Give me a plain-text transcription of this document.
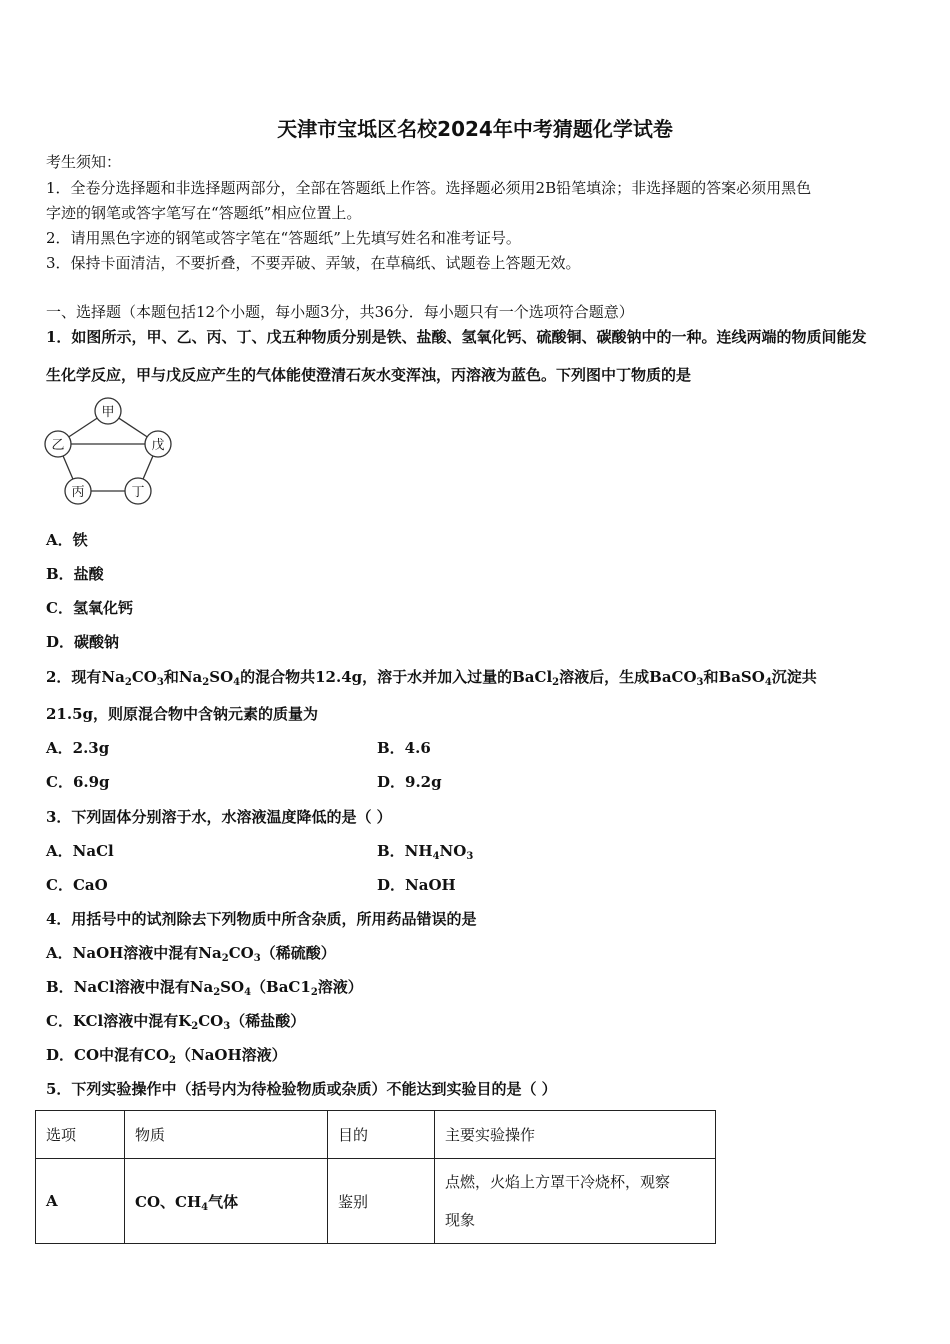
天津市宝坻区名校2024年中考猜题化学试卷
考生须知：
1．全卷分选择题和非选择题两部分，全部在答题纸上作答。选择题必须用2B铅笔填涂；非选择题的答案必须用黑色
字迹的钢笔或答字笔写在“答题纸”相应位置上。
2．请用黑色字迹的钢笔或答字笔在“答题纸”上先填写姓名和准考证号。
3．保持卡面清洁，不要折叠，不要弄破、弄皱，在草稿纸、试题卷上答题无效。
一、选择题（本题包括12个小题，每小题3分，共36分．每小题只有一个选项符合题意）
1．如图所示，甲、乙、丙、丁、戊五种物质分别是铁、盐酸、氢氧化钙、硫酸铜、碳酸钠中的一种。连线两端的物质间能发
生化学反应，甲与戊反应产生的气体能使澄清石灰水变浑浊，丙溶液为蓝色。下列图中丁物质的是
甲
乙	戊
丙	丁
A．铁
B．盐酸
C．氢氧化钙
D．碳酸钠
2．现有$Na_2CO_3$和$Na_2SO_4$的混合物共12.4g，溶于水并加入过量的BaCl$_2$溶液后，生成BaCO$_3$和BaSO$_4$沉淀共
21.5g，则原混合物中含钠元素的质量为
A．2.3g	B．4.6
C．6.9g	D．9.2g
3．下列固体分别溶于水，水溶液温度降低的是（ ）
A．NaCl	B．$NH_4NO_3$
C．CaO	D．NaOH
4．用括号中的试剂除去下列物质中所含杂质，所用药品错误的是
A．NaOH溶液中混有$Na_2CO_3$（稀硫酸）
B．NaCl溶液中混有$Na_2SO_4(BaC1_2$溶液）
C．KCl溶液中混有$K_2CO_3$（稀盐酸）
D．CO中混有$CO_2(NaOH$溶液）
5．下列实验操作中（括号内为待检验物质或杂质）不能达到实验目的是（ ）
选项	物质	目的	主要实验操作
A	CO、$CH_4$气体	鉴别	点燃，火焰上方罩干冷烧杯，观察
现象
